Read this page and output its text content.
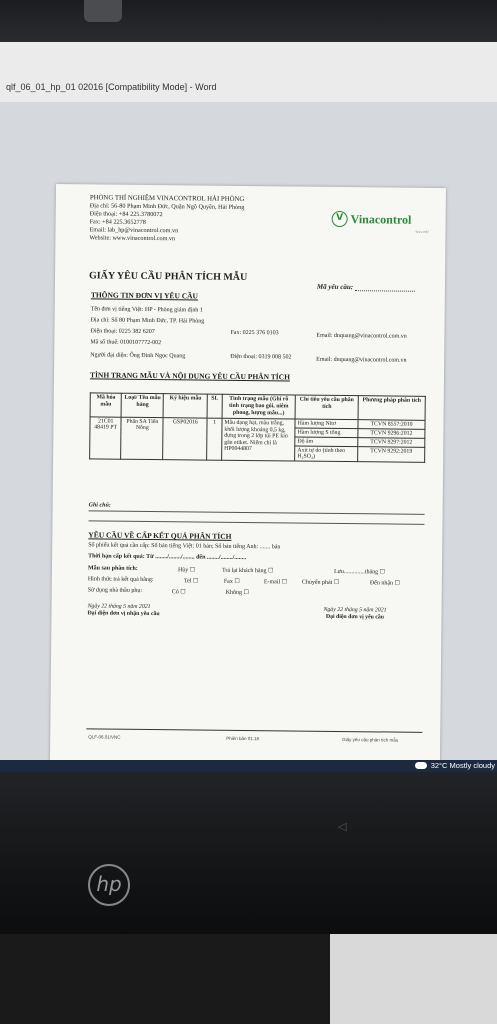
qlf_06_01_hp_01 02016 [Compatibility Mode] - Word
PHÒNG THÍ NGHIỆM VINACONTROL HẢI PHÒNG
Địa chỉ: 56-80 Phạm Minh Đức, Quận Ngô Quyền, Hải Phòng
Điện thoại: +84 225.3780072
Fax: +84 225.3652778
Email: lab_hp@vinacontrol.com.vn
Website: www.vinacontrol.com.vn
V Vinacontrol
Since 1957
GIẤY YÊU CẦU PHÂN TÍCH MẪU
Mã yêu cầu:
THÔNG TIN ĐƠN VỊ YÊU CẦU
Tên đơn vị tiếng Việt: HP - Phòng giám định 1
Địa chỉ: Số 80 Phạm Minh Đức, TP. Hải Phòng
Điện thoại: 0225 382 6207	Fax: 0225 376 0103	Email: dnquang@vinacontrol.com.vn
Mã số thuế: 0100107772-002
Người đại diện: Ông Đinh Ngọc Quang	Điện thoại: 0319 008 502	Email: dnquang@vinacontrol.com.vn
TÌNH TRẠNG MẪU VÀ NỘI DUNG YÊU CẦU PHÂN TÍCH
Mã hóa mẫu	Loại/ Tên mẫu hàng	Ký hiệu mẫu	SL	Tình trạng mẫu (Ghi rõ tình trạng bao gói, niêm phong, lượng mẫu...)	Chỉ tiêu yêu cầu phân tích	Phương pháp phân tích
21C01 48419 PT	Phân SA Tiến Nông	GSP02016	1	Mẫu dạng hạt, màu trắng, khối lượng khoảng 0,5 kg, đựng trong 2 lớp túi PE kín gắn etiket. Niêm chì là HP0044807	Hàm lượng Nitơ	TCVN 8557:2010
					Hàm lượng S tổng	TCVN 9296:2012
					Độ ẩm	TCVN 9297:2012
					Axit tự do (tính theo H₂SO₄)	TCVN 9292:2019
Ghi chú:
YÊU CẦU VỀ CẤP KẾT QUẢ PHÂN TÍCH
Số phiếu kết quả cần cấp: Số bản tiếng Việt: 01 bản; Số bản tiếng Anh: ....... bản
Thời hạn cấp kết quả: Từ ......../......../........ đến ......../......../........
Mẫu sau phân tích:	Hủy ☐	Trả lại khách hàng ☐	Lưu..............tháng ☐
Hình thức trả kết quả bằng:	Tel ☐	Fax ☐	E-mail ☐ Chuyển phát ☐	Đến nhận ☐
Sử dụng nhà thầu phụ:	Có ☐	Không ☐
Ngày 22 tháng 5 năm 2021
Đại diện đơn vị nhận yêu cầu
Ngày 22 tháng 5 năm 2021
Đại diện đơn vị yêu cầu
QLF-06.01/VNC	Phiên bản 01.18	Giấy yêu cầu phân tích mẫu
32°C Mostly cloudy
◁
hp
